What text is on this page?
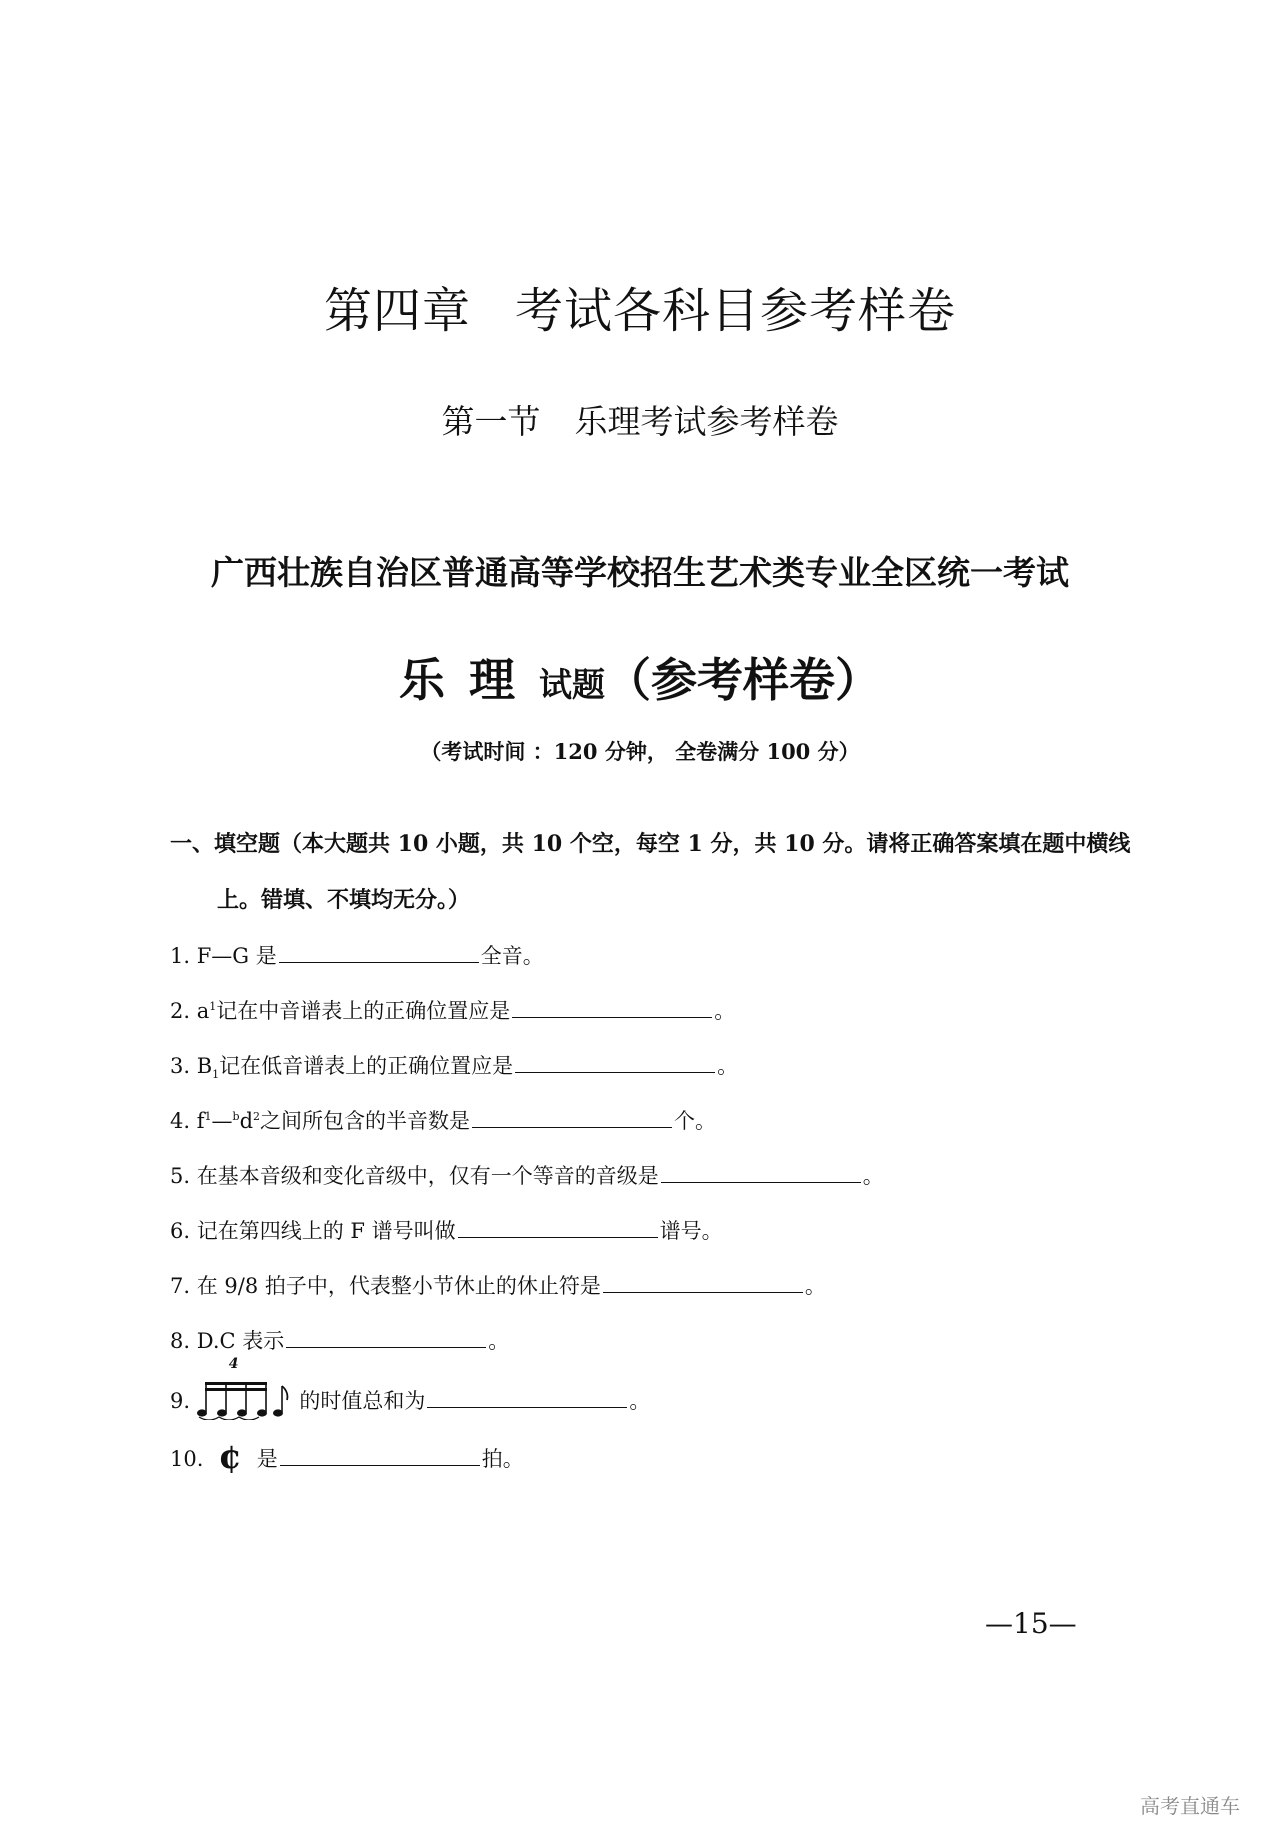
第四章 考试各科目参考样卷
第一节 乐理考试参考样卷
广西壮族自治区普通高等学校招生艺术类专业全区统一考试
乐理试题（参考样卷）
（考试时间 ：120 分钟， 全卷满分 100 分）
一、填空题（本大题共 10 小题，共 10 个空，每空 1 分，共 10 分。请将正确答案填在题中横线
上。错填、不填均无分。）
1. F—G 是	全音。
2. $a^1$记在中音谱表上的正确位置应是	。
3. $B_1$记在低音谱表上的正确位置应是	。
4. $f^1—^bd^2$之间所包含的半音数是	个。
5. 在基本音级和变化音级中，仅有一个等音的音级是	。
6. 记在第四线上的 F 谱号叫做	谱号。
7. 在 9/8 拍子中，代表整小节休止的休止符是	。
8. D.C 表示	。
9.
4
的时值总和为	。
10. ¢ 是	拍。
—15—
高考直通车
